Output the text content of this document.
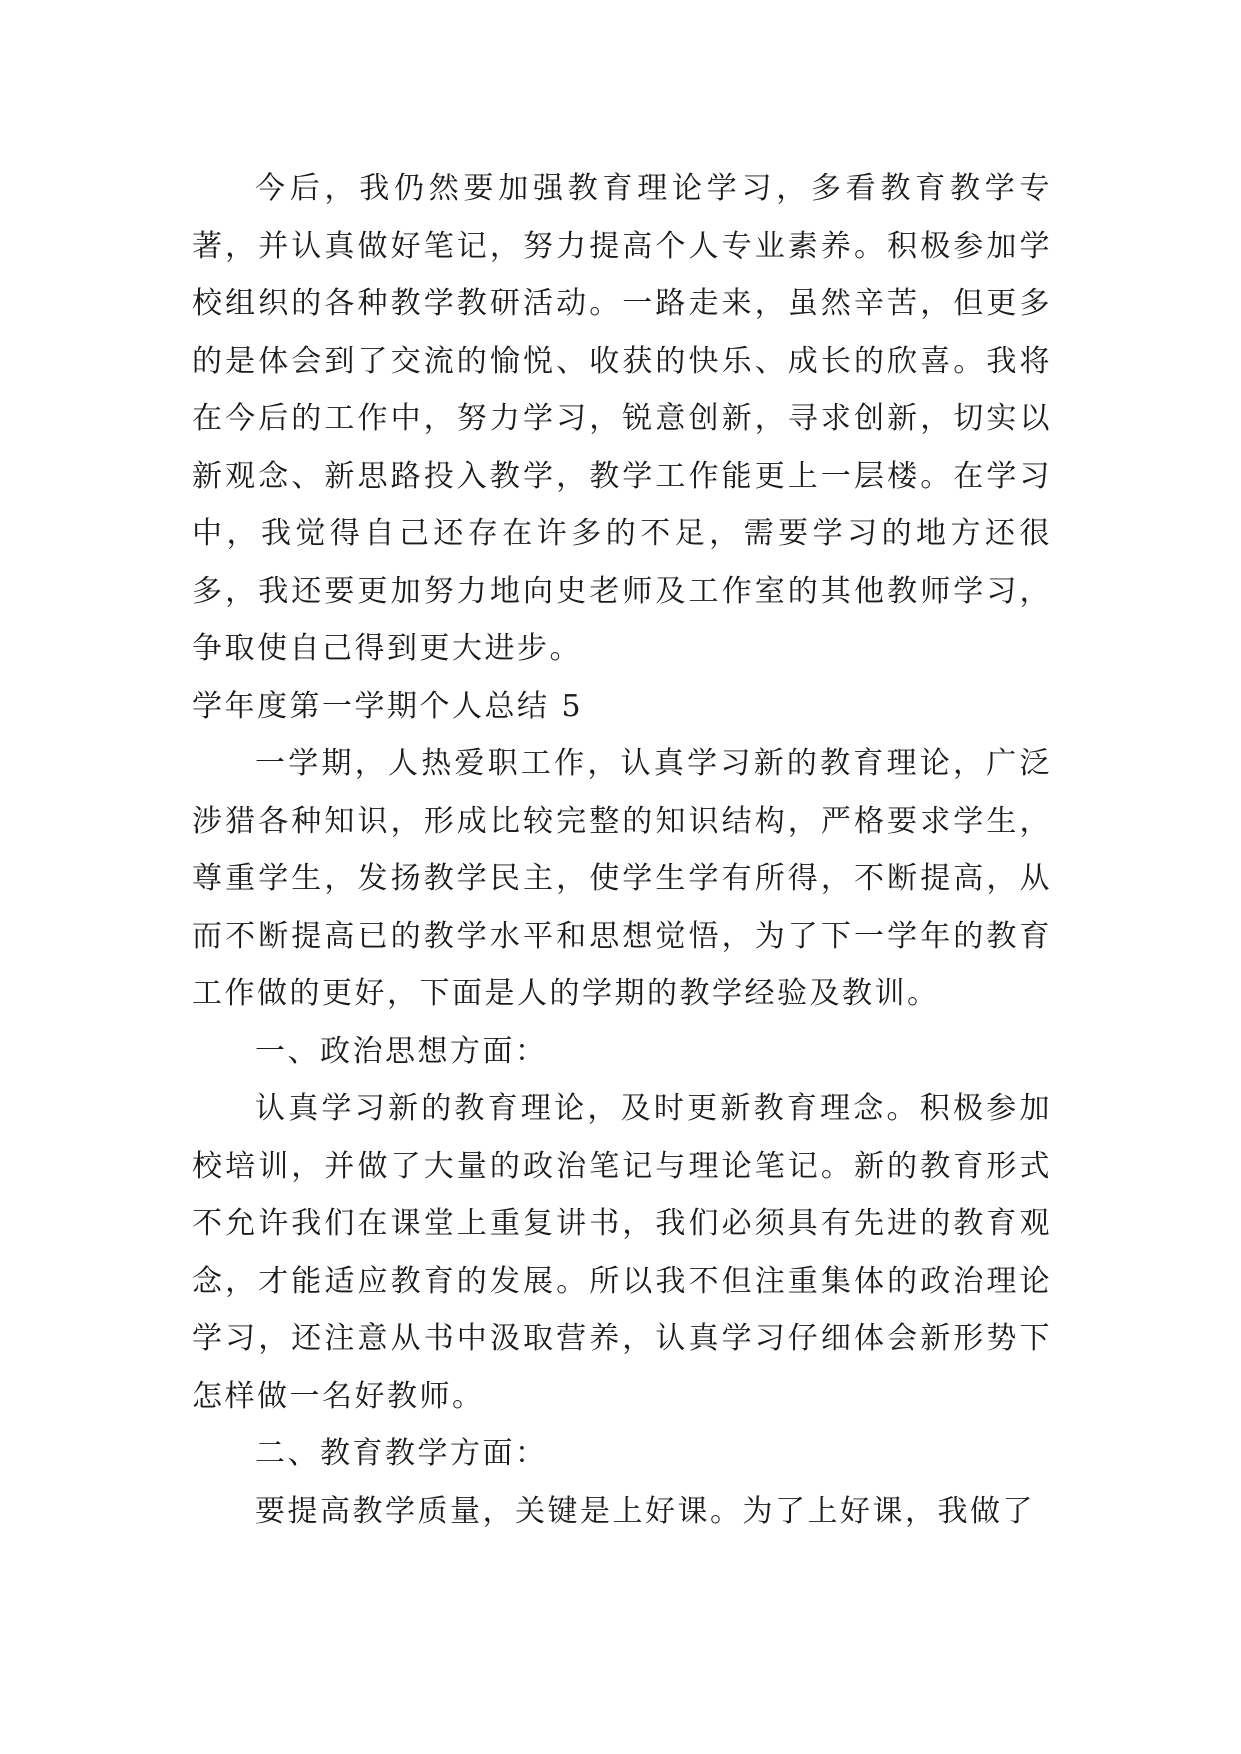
今后，我仍然要加强教育理论学习，多看教育教学专著，并认真做好笔记，努力提高个人专业素养。积极参加学校组织的各种教学教研活动。一路走来，虽然辛苦，但更多的是体会到了交流的愉悦、收获的快乐、成长的欣喜。我将在今后的工作中，努力学习，锐意创新，寻求创新，切实以新观念、新思路投入教学，教学工作能更上一层楼。在学习中，我觉得自己还存在许多的不足，需要学习的地方还很多，我还要更加努力地向史老师及工作室的其他教师学习，争取使自己得到更大进步。

学年度第一学期个人总结 5

一学期，人热爱职工作，认真学习新的教育理论，广泛涉猎各种知识，形成比较完整的知识结构，严格要求学生，尊重学生，发扬教学民主，使学生学有所得，不断提高，从而不断提高已的教学水平和思想觉悟，为了下一学年的教育工作做的更好，下面是人的学期的教学经验及教训。

一、政治思想方面：

认真学习新的教育理论，及时更新教育理念。积极参加校培训，并做了大量的政治笔记与理论笔记。新的教育形式不允许我们在课堂上重复讲书，我们必须具有先进的教育观念，才能适应教育的发展。所以我不但注重集体的政治理论学习，还注意从书中汲取营养，认真学习仔细体会新形势下怎样做一名好教师。

二、教育教学方面：

要提高教学质量，关键是上好课。为了上好课，我做了
